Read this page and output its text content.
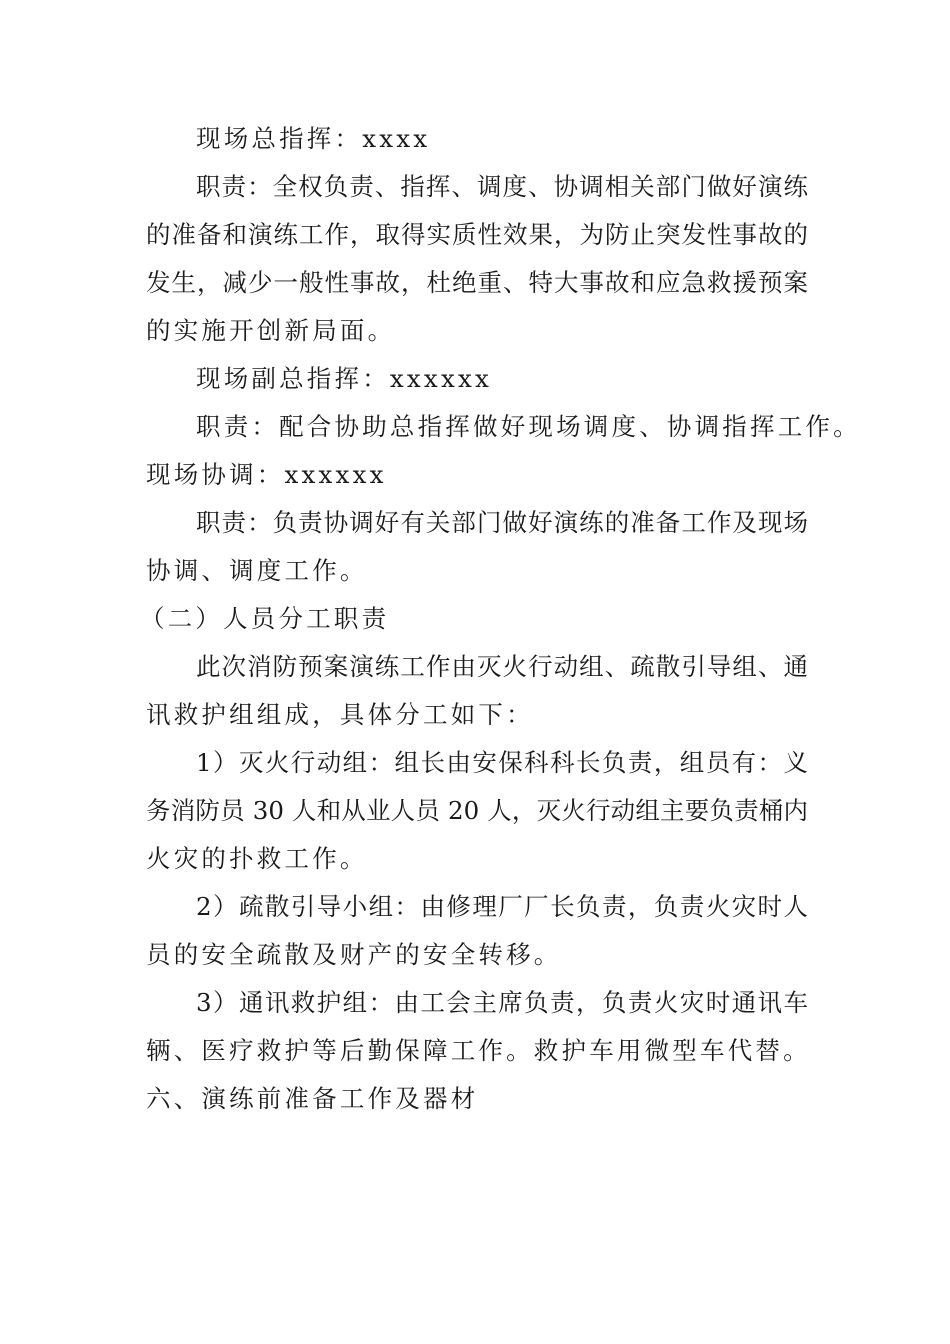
现场总指挥：xxxx
职责：全权负责、指挥、调度、协调相关部门做好演练
的准备和演练工作，取得实质性效果，为防止突发性事故的
发生，减少一般性事故，杜绝重、特大事故和应急救援预案
的实施开创新局面。
现场副总指挥：xxxxxx
职责：配合协助总指挥做好现场调度、协调指挥工作。
现场协调：xxxxxx
职责：负责协调好有关部门做好演练的准备工作及现场
协调、调度工作。
（二）人员分工职责
此次消防预案演练工作由灭火行动组、疏散引导组、通
讯救护组组成，具体分工如下：
1）灭火行动组：组长由安保科科长负责，组员有：义
务消防员 30 人和从业人员 20 人，灭火行动组主要负责桶内
火灾的扑救工作。
2）疏散引导小组：由修理厂厂长负责，负责火灾时人
员的安全疏散及财产的安全转移。
3）通讯救护组：由工会主席负责，负责火灾时通讯车
辆、医疗救护等后勤保障工作。救护车用微型车代替。
六、演练前准备工作及器材
